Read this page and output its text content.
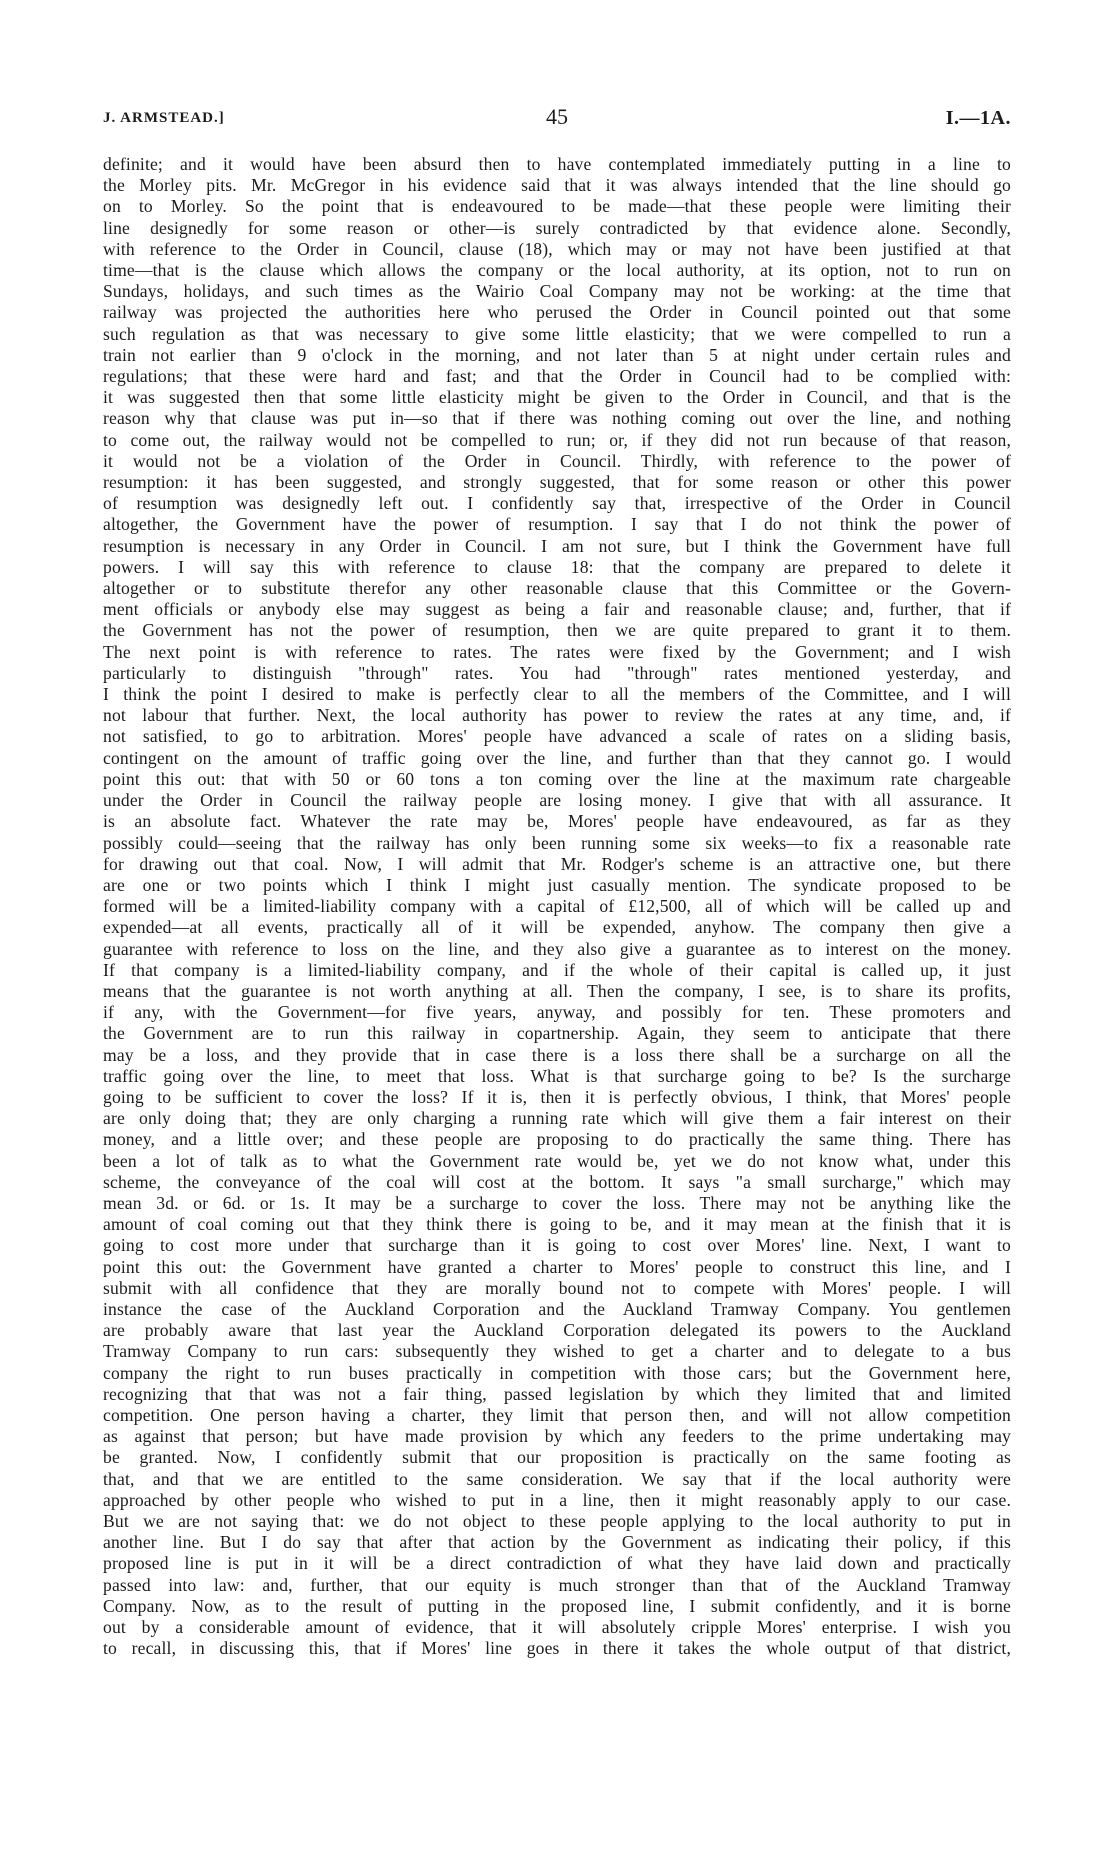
J. ARMSTEAD.]	45	I.—1A.
definite; and it would have been absurd then to have contemplated immediately putting in a line to
the Morley pits. Mr. McGregor in his evidence said that it was always intended that the line should go
on to Morley. So the point that is endeavoured to be made—that these people were limiting their
line designedly for some reason or other—is surely contradicted by that evidence alone. Secondly,
with reference to the Order in Council, clause (18), which may or may not have been justified at that
time—that is the clause which allows the company or the local authority, at its option, not to run on
Sundays, holidays, and such times as the Wairio Coal Company may not be working: at the time that
railway was projected the authorities here who perused the Order in Council pointed out that some
such regulation as that was necessary to give some little elasticity; that we were compelled to run a
train not earlier than 9 o'clock in the morning, and not later than 5 at night under certain rules and
regulations; that these were hard and fast; and that the Order in Council had to be complied with:
it was suggested then that some little elasticity might be given to the Order in Council, and that is the
reason why that clause was put in—so that if there was nothing coming out over the line, and nothing
to come out, the railway would not be compelled to run; or, if they did not run because of that reason,
it would not be a violation of the Order in Council. Thirdly, with reference to the power of
resumption: it has been suggested, and strongly suggested, that for some reason or other this power
of resumption was designedly left out. I confidently say that, irrespective of the Order in Council
altogether, the Government have the power of resumption. I say that I do not think the power of
resumption is necessary in any Order in Council. I am not sure, but I think the Government have full
powers. I will say this with reference to clause 18: that the company are prepared to delete it
altogether or to substitute therefor any other reasonable clause that this Committee or the Govern-
ment officials or anybody else may suggest as being a fair and reasonable clause; and, further, that if
the Government has not the power of resumption, then we are quite prepared to grant it to them.
The next point is with reference to rates. The rates were fixed by the Government; and I wish
particularly to distinguish "through" rates. You had "through" rates mentioned yesterday, and
I think the point I desired to make is perfectly clear to all the members of the Committee, and I will
not labour that further. Next, the local authority has power to review the rates at any time, and, if
not satisfied, to go to arbitration. Mores' people have advanced a scale of rates on a sliding basis,
contingent on the amount of traffic going over the line, and further than that they cannot go. I would
point this out: that with 50 or 60 tons a ton coming over the line at the maximum rate chargeable
under the Order in Council the railway people are losing money. I give that with all assurance. It
is an absolute fact. Whatever the rate may be, Mores' people have endeavoured, as far as they
possibly could—seeing that the railway has only been running some six weeks—to fix a reasonable rate
for drawing out that coal. Now, I will admit that Mr. Rodger's scheme is an attractive one, but there
are one or two points which I think I might just casually mention. The syndicate proposed to be
formed will be a limited-liability company with a capital of £12,500, all of which will be called up and
expended—at all events, practically all of it will be expended, anyhow. The company then give a
guarantee with reference to loss on the line, and they also give a guarantee as to interest on the money.
If that company is a limited-liability company, and if the whole of their capital is called up, it just
means that the guarantee is not worth anything at all. Then the company, I see, is to share its profits,
if any, with the Government—for five years, anyway, and possibly for ten. These promoters and
the Government are to run this railway in copartnership. Again, they seem to anticipate that there
may be a loss, and they provide that in case there is a loss there shall be a surcharge on all the
traffic going over the line, to meet that loss. What is that surcharge going to be? Is the surcharge
going to be sufficient to cover the loss? If it is, then it is perfectly obvious, I think, that Mores' people
are only doing that; they are only charging a running rate which will give them a fair interest on their
money, and a little over; and these people are proposing to do practically the same thing. There has
been a lot of talk as to what the Government rate would be, yet we do not know what, under this
scheme, the conveyance of the coal will cost at the bottom. It says "a small surcharge," which may
mean 3d. or 6d. or 1s. It may be a surcharge to cover the loss. There may not be anything like the
amount of coal coming out that they think there is going to be, and it may mean at the finish that it is
going to cost more under that surcharge than it is going to cost over Mores' line. Next, I want to
point this out: the Government have granted a charter to Mores' people to construct this line, and I
submit with all confidence that they are morally bound not to compete with Mores' people. I will
instance the case of the Auckland Corporation and the Auckland Tramway Company. You gentlemen
are probably aware that last year the Auckland Corporation delegated its powers to the Auckland
Tramway Company to run cars: subsequently they wished to get a charter and to delegate to a bus
company the right to run buses practically in competition with those cars; but the Government here,
recognizing that that was not a fair thing, passed legislation by which they limited that and limited
competition. One person having a charter, they limit that person then, and will not allow competition
as against that person; but have made provision by which any feeders to the prime undertaking may
be granted. Now, I confidently submit that our proposition is practically on the same footing as
that, and that we are entitled to the same consideration. We say that if the local authority were
approached by other people who wished to put in a line, then it might reasonably apply to our case.
But we are not saying that: we do not object to these people applying to the local authority to put in
another line. But I do say that after that action by the Government as indicating their policy, if this
proposed line is put in it will be a direct contradiction of what they have laid down and practically
passed into law: and, further, that our equity is much stronger than that of the Auckland Tramway
Company. Now, as to the result of putting in the proposed line, I submit confidently, and it is borne
out by a considerable amount of evidence, that it will absolutely cripple Mores' enterprise. I wish you
to recall, in discussing this, that if Mores' line goes in there it takes the whole output of that district,
